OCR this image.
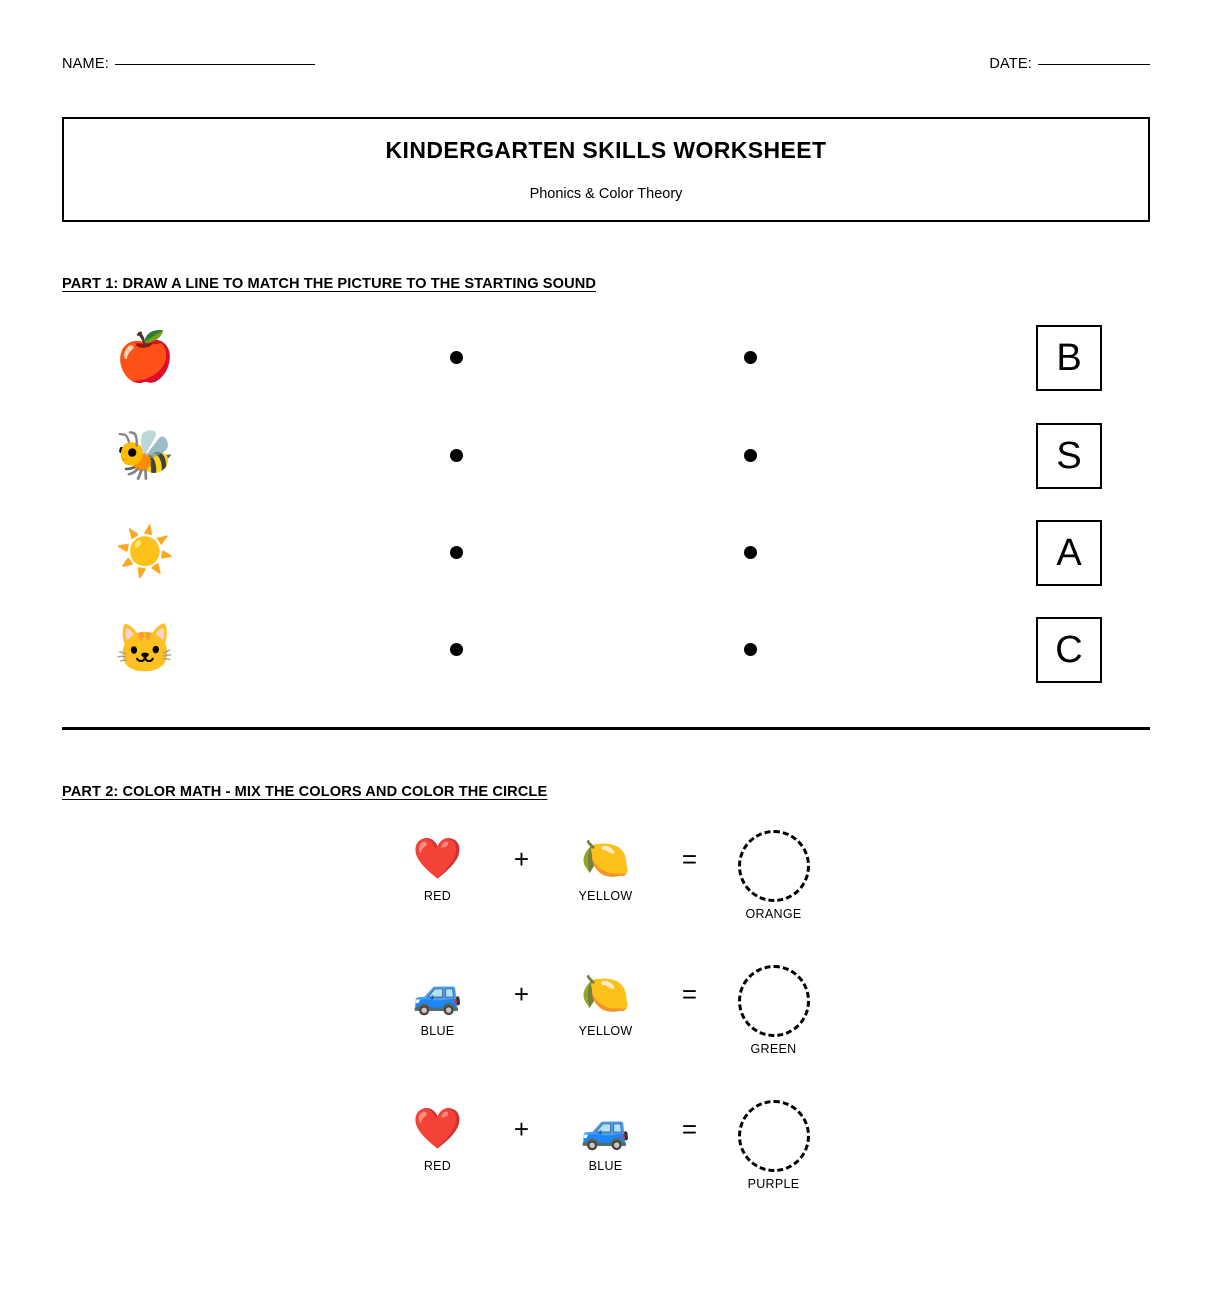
NAME:	DATE:
KINDERGARTEN SKILLS WORKSHEET
Phonics & Color Theory
PART 1: DRAW A LINE TO MATCH THE PICTURE TO THE STARTING SOUND
🍎	B
🐝	S
☀️	A
🐱	C
PART 2: COLOR MATH - MIX THE COLORS AND COLOR THE CIRCLE
❤️
RED
+	🍋
YELLOW
=
ORANGE
🚙
BLUE
+	🍋
YELLOW
=
GREEN
❤️
RED
+	🚙
BLUE
=
PURPLE
